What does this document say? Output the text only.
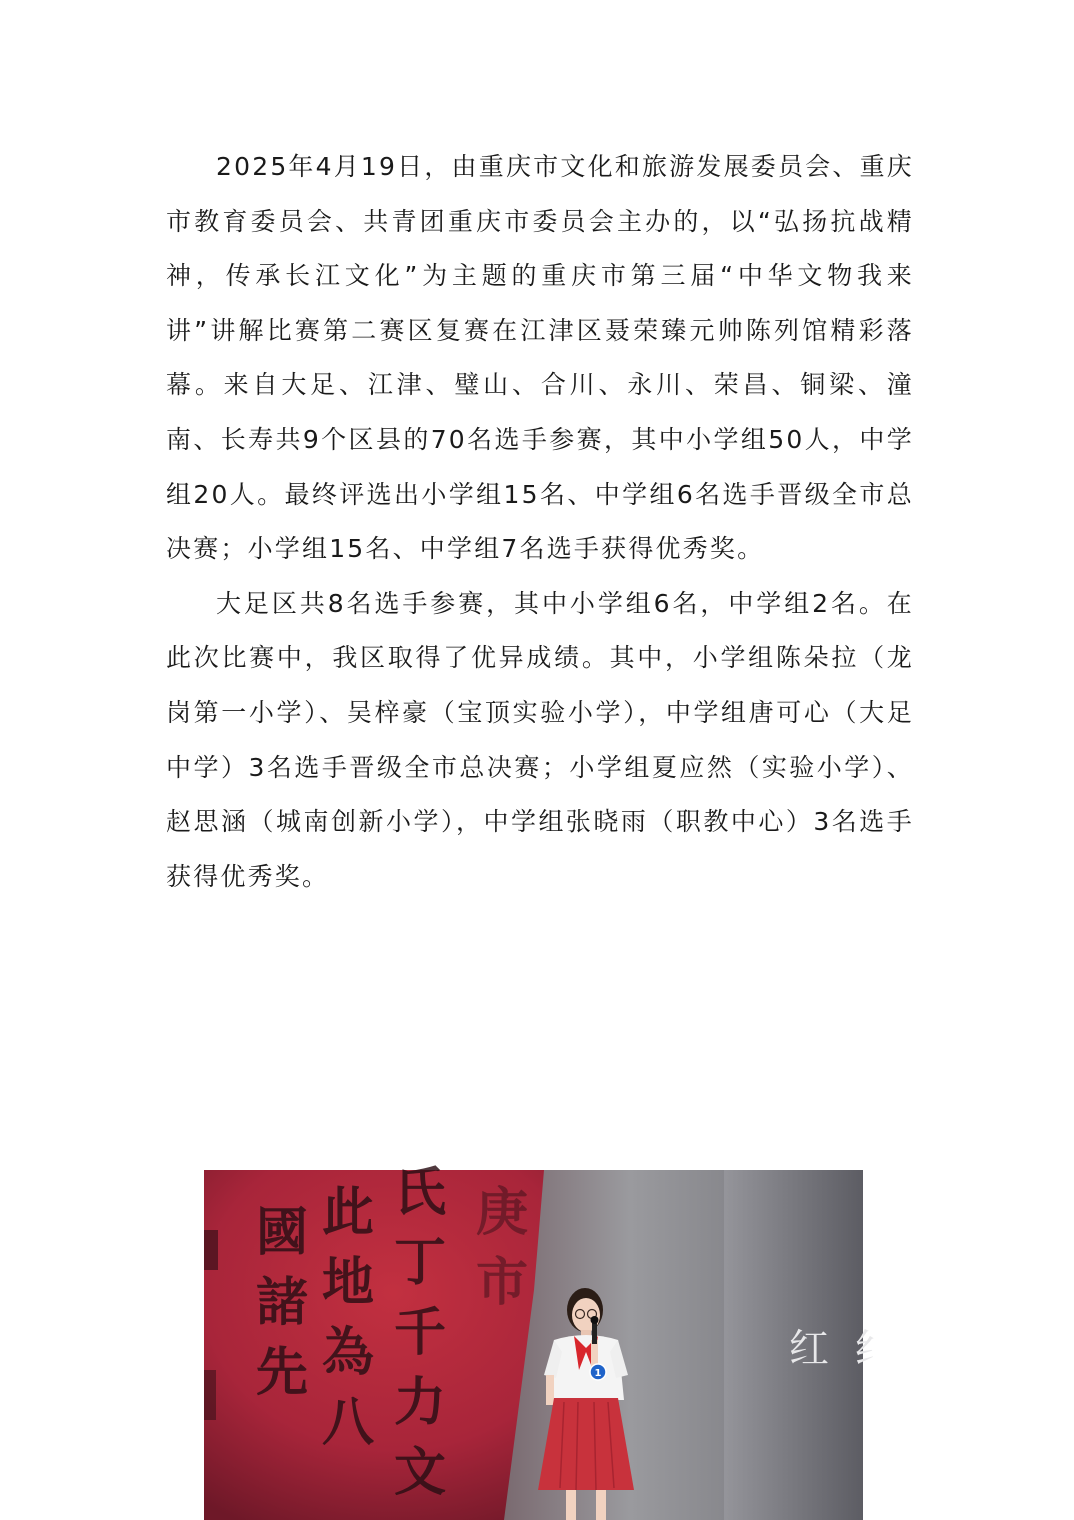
2025年4月19日，由重庆市文化和旅游发展委员会、重庆市教育委员会、共青团重庆市委员会主办的，以“弘扬抗战精神，传承长江文化”为主题的重庆市第三届“中华文物我来讲”讲解比赛第二赛区复赛在江津区聂荣臻元帅陈列馆精彩落幕。来自大足、江津、璧山、合川、永川、荣昌、铜梁、潼南、长寿共9个区县的70名选手参赛，其中小学组50人，中学组20人。最终评选出小学组15名、中学组6名选手晋级全市总决赛；小学组15名、中学组7名选手获得优秀奖。

大足区共8名选手参赛，其中小学组6名，中学组2名。在此次比赛中，我区取得了优异成绩。其中，小学组陈朵拉（龙岗第一小学）、吴梓豪（宝顶实验小学），中学组唐可心（大足中学）3名选手晋级全市总决赛；小学组夏应然（实验小学）、赵思涵（城南创新小学），中学组张晓雨（职教中心）3名选手获得优秀奖。

國
諸
先
此
地
為
八
氏
丁
千
力
文
庚
市
红 纟
1
